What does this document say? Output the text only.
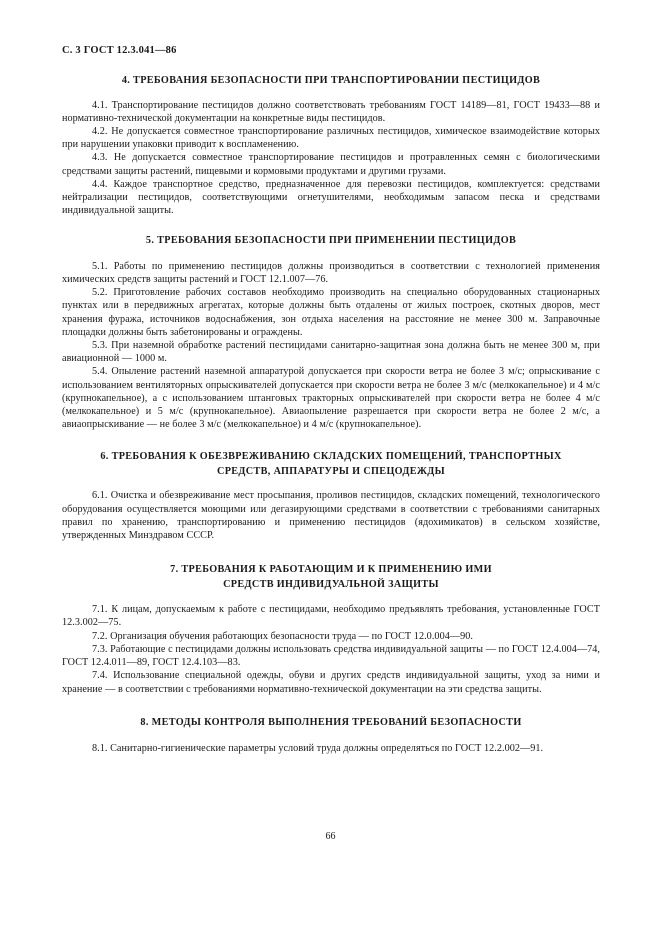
С. 3 ГОСТ 12.3.041—86
4. ТРЕБОВАНИЯ БЕЗОПАСНОСТИ ПРИ ТРАНСПОРТИРОВАНИИ ПЕСТИЦИДОВ

4.1. Транспортирование пестицидов должно соответствовать требованиям ГОСТ 14189—81, ГОСТ 19433—88 и нормативно-технической документации на конкретные виды пестицидов.

4.2. Не допускается совместное транспортирование различных пестицидов, химическое взаимодействие которых при нарушении упаковки приводит к воспламенению.

4.3. Не допускается совместное транспортирование пестицидов и протравленных семян с биологическими средствами защиты растений, пищевыми и кормовыми продуктами и другими грузами.

4.4. Каждое транспортное средство, предназначенное для перевозки пестицидов, комплектуется: средствами нейтрализации пестицидов, соответствующими огнетушителями, необходимым запасом песка и средствами индивидуальной защиты.

5. ТРЕБОВАНИЯ БЕЗОПАСНОСТИ ПРИ ПРИМЕНЕНИИ ПЕСТИЦИДОВ

5.1. Работы по применению пестицидов должны производиться в соответствии с технологией применения химических средств защиты растений и ГОСТ 12.1.007—76.

5.2. Приготовление рабочих составов необходимо производить на специально оборудованных стационарных пунктах или в передвижных агрегатах, которые должны быть отдалены от жилых построек, скотных дворов, мест хранения фуража, источников водоснабжения, зон отдыха населения на расстояние не менее 300 м. Заправочные площадки должны быть забетонированы и ограждены.

5.3. При наземной обработке растений пестицидами санитарно-защитная зона должна быть не менее 300 м, при авиационной — 1000 м.

5.4. Опыление растений наземной аппаратурой допускается при скорости ветра не более 3 м/с; опрыскивание с использованием вентиляторных опрыскивателей допускается при скорости ветра не более 3 м/с (мелкокапельное) и 4 м/с (крупнокапельное), а с использованием штанговых тракторных опрыскивателей при скорости ветра не более 4 м/с (мелкокапельное) и 5 м/с (крупнокапельное). Авиаопыление разрешается при скорости ветра не более 2 м/с, а авиаопрыскивание — не более 3 м/с (мелкокапельное) и 4 м/с (крупнокапельное).

6. ТРЕБОВАНИЯ К ОБЕЗВРЕЖИВАНИЮ СКЛАДСКИХ ПОМЕЩЕНИЙ, ТРАНСПОРТНЫХ
СРЕДСТВ, АППАРАТУРЫ И СПЕЦОДЕЖДЫ

6.1. Очистка и обезвреживание мест просыпания, проливов пестицидов, складских помещений, технологического оборудования осуществляется моющими или дегазирующими средствами в соответствии с требованиями санитарных правил по хранению, транспортированию и применению пестицидов (ядохимикатов) в сельском хозяйстве, утвержденных Минздравом СССР.

7. ТРЕБОВАНИЯ К РАБОТАЮЩИМ И К ПРИМЕНЕНИЮ ИМИ
СРЕДСТВ ИНДИВИДУАЛЬНОЙ ЗАЩИТЫ

7.1. К лицам, допускаемым к работе с пестицидами, необходимо предъявлять требования, установленные ГОСТ 12.3.002—75.

7.2. Организация обучения работающих безопасности труда — по ГОСТ 12.0.004—90.

7.3. Работающие с пестицидами должны использовать средства индивидуальной защиты — по ГОСТ 12.4.004—74, ГОСТ 12.4.011—89, ГОСТ 12.4.103—83.

7.4. Использование специальной одежды, обуви и других средств индивидуальной защиты, уход за ними и хранение — в соответствии с требованиями нормативно-технической документации на эти средства защиты.

8. МЕТОДЫ КОНТРОЛЯ ВЫПОЛНЕНИЯ ТРЕБОВАНИЙ БЕЗОПАСНОСТИ

8.1. Санитарно-гигиенические параметры условий труда должны определяться по ГОСТ 12.2.002—91.

66
